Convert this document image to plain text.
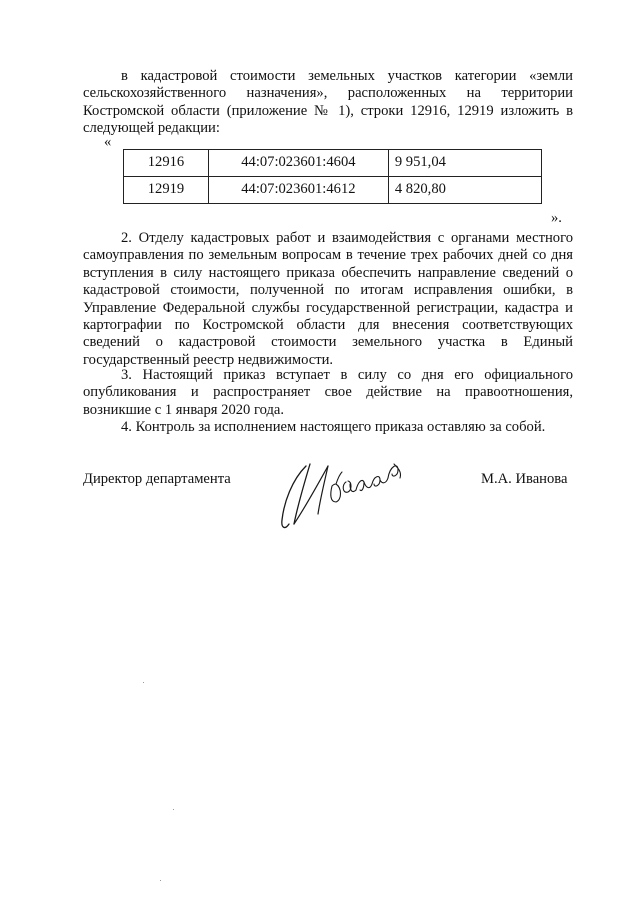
в кадастровой стоимости земельных участков категории «земли сельскохозяйственного назначения», расположенных на территории Костромской области (приложение № 1), строки 12916, 12919 изложить в следующей редакции:

«
12916	44:07:023601:4604	9 951,04
12919	44:07:023601:4612	4 820,80
».

2. Отделу кадастровых работ и взаимодействия с органами местного самоуправления по земельным вопросам в течение трех рабочих дней со дня вступления в силу настоящего приказа обеспечить направление сведений о кадастровой стоимости, полученной по итогам исправления ошибки, в Управление Федеральной службы государственной регистрации, кадастра и картографии по Костромской области для внесения соответствующих сведений о кадастровой стоимости земельного участка в Единый государственный реестр недвижимости.

3. Настоящий приказ вступает в силу со дня его официального опубликования и распространяет свое действие на правоотношения, возникшие с 1 января 2020 года.

4. Контроль за исполнением настоящего приказа оставляю за собой.

Директор департамента	М.А. Иванова
